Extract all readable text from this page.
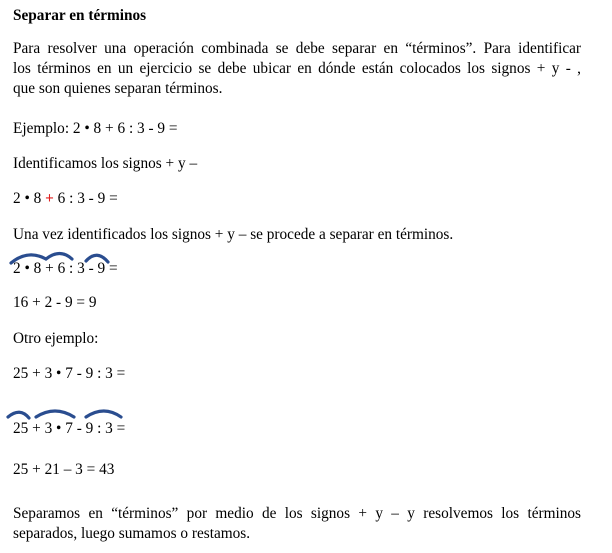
Separar en términos
Para resolver una operación combinada se debe separar en “términos”. Para identificar
los términos en un ejercicio se debe ubicar en dónde están colocados los signos + y - ,
que son quienes separan términos.
Ejemplo: 2 • 8 + 6 : 3 - 9 =
Identificamos los signos + y –
2 • 8 + 6 : 3 - 9 =
Una vez identificados los signos + y – se procede a separar en términos.
2 • 8 + 6 : 3 - 9 =
16 + 2 - 9 = 9
Otro ejemplo:
25 + 3 • 7 - 9 : 3 =
25 + 3 • 7 - 9 : 3 =
25 + 21 – 3 = 43
Separamos en “términos” por medio de los signos + y – y resolvemos los términos
separados, luego sumamos o restamos.
